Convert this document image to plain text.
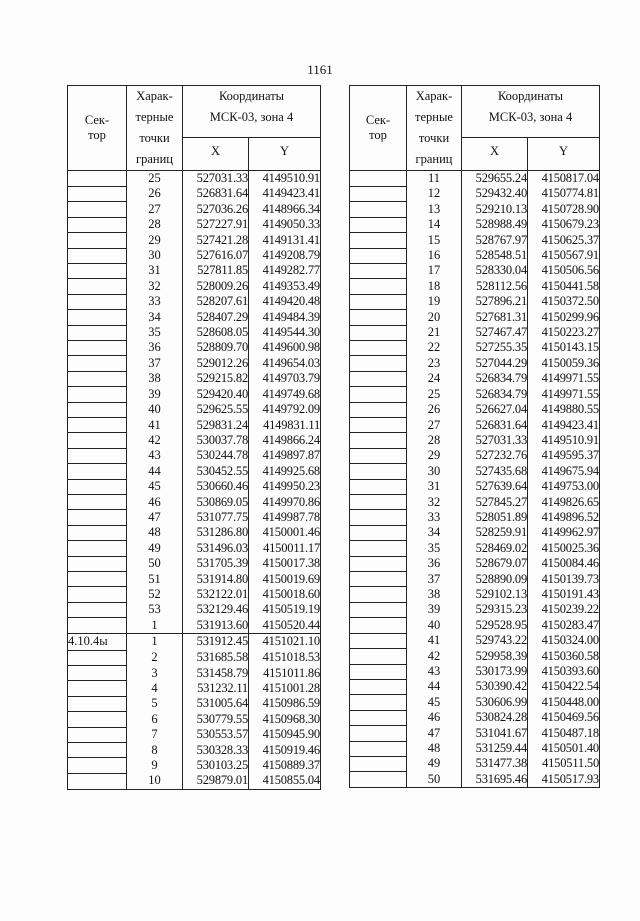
1161
Сек-
тор	Харак-
терные
точки
границ	Координаты
МСК-03, зона 4	
		X	Y
	25	527031.33	4149510.91
	26	526831.64	4149423.41
	27	527036.26	4148966.34
	28	527227.91	4149050.33
	29	527421.28	4149131.41
	30	527616.07	4149208.79
	31	527811.85	4149282.77
	32	528009.26	4149353.49
	33	528207.61	4149420.48
	34	528407.29	4149484.39
	35	528608.05	4149544.30
	36	528809.70	4149600.98
	37	529012.26	4149654.03
	38	529215.82	4149703.79
	39	529420.40	4149749.68
	40	529625.55	4149792.09
	41	529831.24	4149831.11
	42	530037.78	4149866.24
	43	530244.78	4149897.87
	44	530452.55	4149925.68
	45	530660.46	4149950.23
	46	530869.05	4149970.86
	47	531077.75	4149987.78
	48	531286.80	4150001.46
	49	531496.03	4150011.17
	50	531705.39	4150017.38
	51	531914.80	4150019.69
	52	532122.01	4150018.60
	53	532129.46	4150519.19
	1	531913.60	4150520.44
4.10.4ы	1	531912.45	4151021.10
	2	531685.58	4151018.53
	3	531458.79	4151011.86
	4	531232.11	4151001.28
	5	531005.64	4150986.59
	6	530779.55	4150968.30
	7	530553.57	4150945.90
	8	530328.33	4150919.46
	9	530103.25	4150889.37
	10	529879.01	4150855.04
Сек-
тор	Харак-
терные
точки
границ	Координаты
МСК-03, зона 4	
		X	Y
	11	529655.24	4150817.04
	12	529432.40	4150774.81
	13	529210.13	4150728.90
	14	528988.49	4150679.23
	15	528767.97	4150625.37
	16	528548.51	4150567.91
	17	528330.04	4150506.56
	18	528112.56	4150441.58
	19	527896.21	4150372.50
	20	527681.31	4150299.96
	21	527467.47	4150223.27
	22	527255.35	4150143.15
	23	527044.29	4150059.36
	24	526834.79	4149971.55
	25	526834.79	4149971.55
	26	526627.04	4149880.55
	27	526831.64	4149423.41
	28	527031.33	4149510.91
	29	527232.76	4149595.37
	30	527435.68	4149675.94
	31	527639.64	4149753.00
	32	527845.27	4149826.65
	33	528051.89	4149896.52
	34	528259.91	4149962.97
	35	528469.02	4150025.36
	36	528679.07	4150084.46
	37	528890.09	4150139.73
	38	529102.13	4150191.43
	39	529315.23	4150239.22
	40	529528.95	4150283.47
	41	529743.22	4150324.00
	42	529958.39	4150360.58
	43	530173.99	4150393.60
	44	530390.42	4150422.54
	45	530606.99	4150448.00
	46	530824.28	4150469.56
	47	531041.67	4150487.18
	48	531259.44	4150501.40
	49	531477.38	4150511.50
	50	531695.46	4150517.93
